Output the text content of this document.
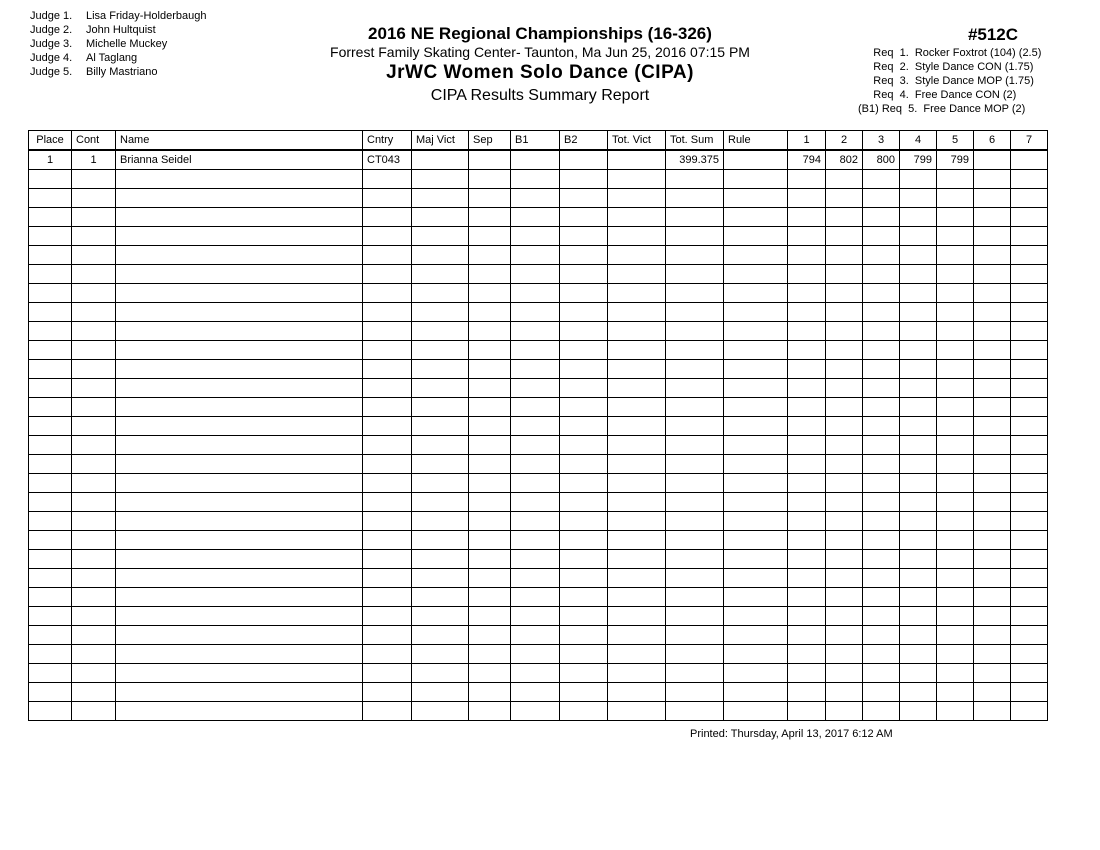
Judge 1. Lisa Friday-Holderbaugh
Judge 2. John Hultquist
Judge 3. Michelle Muckey
Judge 4. Al Taglang
Judge 5. Billy Mastriano
2016 NE Regional Championships (16-326)
Forrest Family Skating Center- Taunton, Ma Jun 25, 2016 07:15 PM
JrWC Women Solo Dance (CIPA)
CIPA Results Summary Report
#512C
Req  1.  Rocker Foxtrot (104) (2.5)
Req  2.  Style Dance CON (1.75)
Req  3.  Style Dance MOP (1.75)
Req  4.  Free Dance CON (2)
(B1) Req  5.  Free Dance MOP (2)
Place	Cont	Name	Cntry	Maj Vict	Sep	B1	B2	Tot. Vict	Tot. Sum	Rule	1	2	3	4	5	6	7
1	1	Brianna Seidel	CT043						399.375		794	802	800	799	799		

Printed: Thursday, April 13, 2017 6:12 AM
